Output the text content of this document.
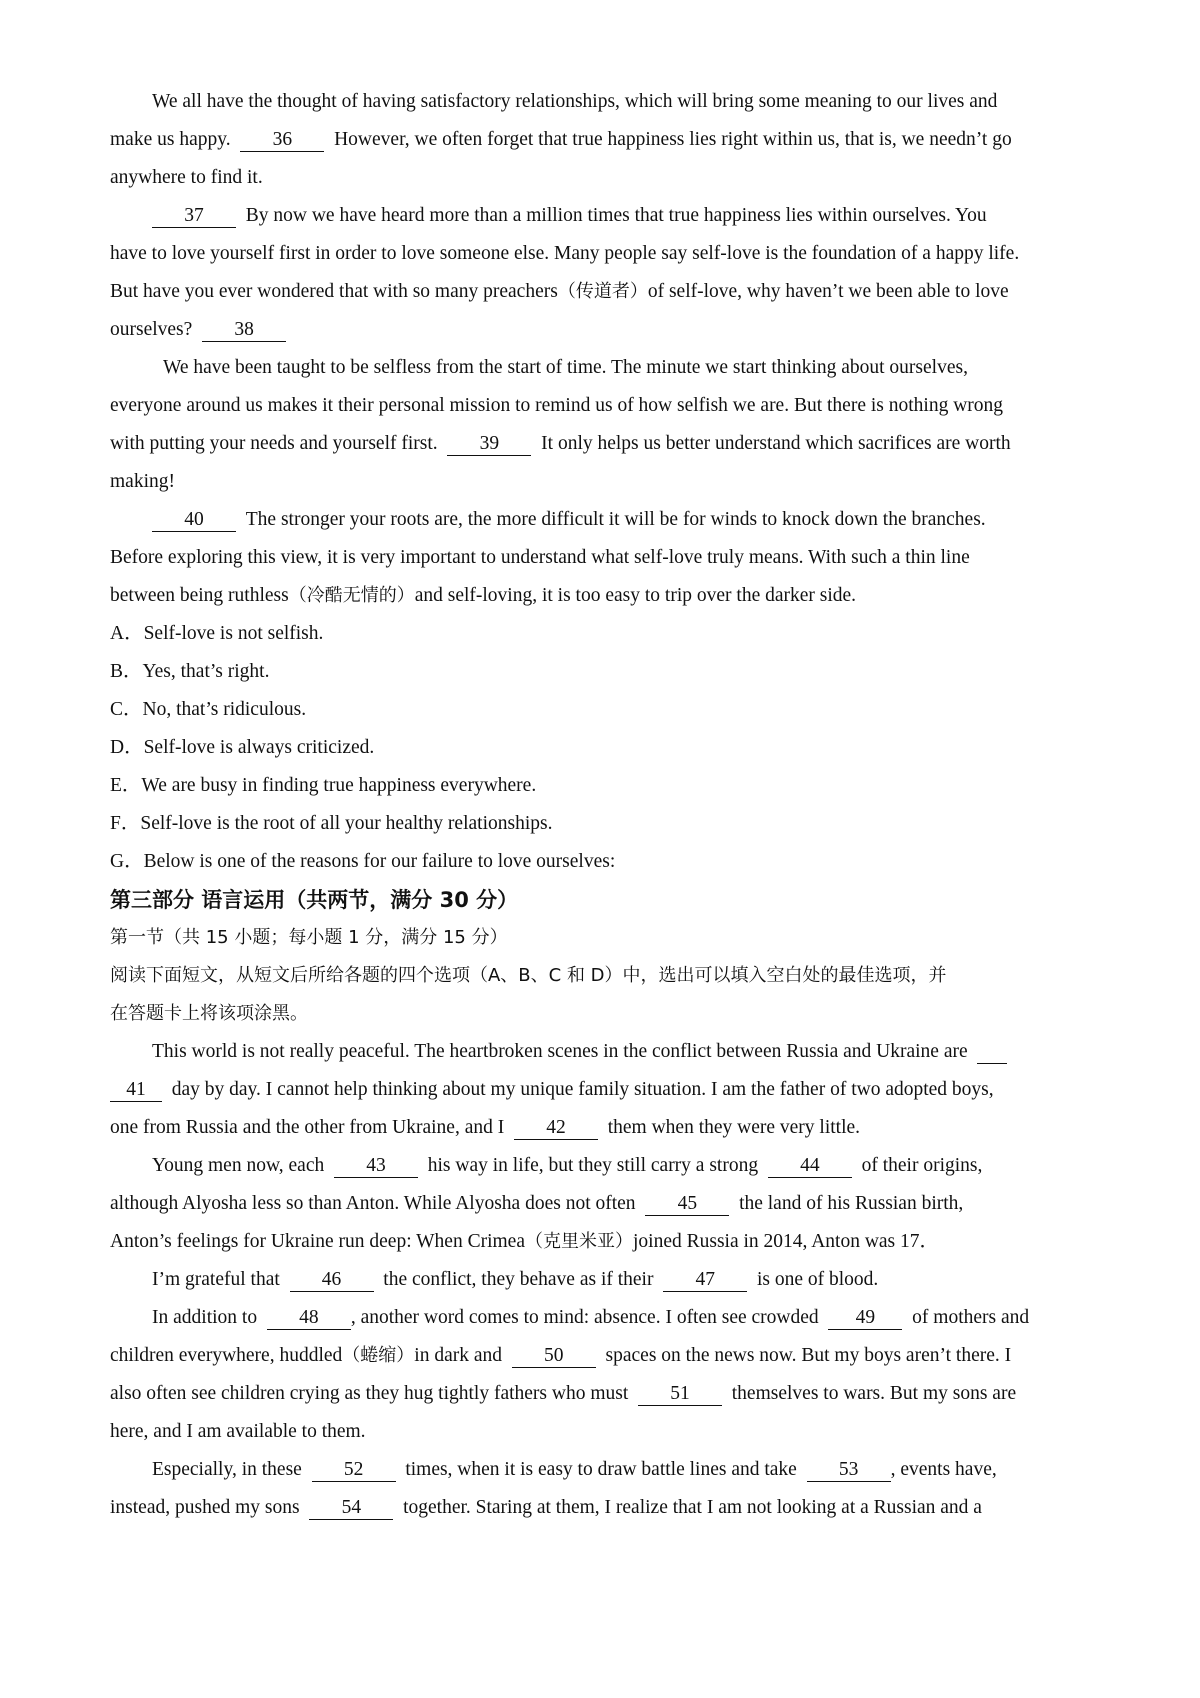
We all have the thought of having satisfactory relationships, which will bring some meaning to our lives and

make us happy. 36 However, we often forget that true happiness lies right within us, that is, we needn’t go

anywhere to find it.

37 By now we have heard more than a million times that true happiness lies within ourselves. You

have to love yourself first in order to love someone else. Many people say self-love is the foundation of a happy life.

But have you ever wondered that with so many preachers（传道者）of self-love, why haven’t we been able to love

ourselves? 38

We have been taught to be selfless from the start of time. The minute we start thinking about ourselves,

everyone around us makes it their personal mission to remind us of how selfish we are. But there is nothing wrong

with putting your needs and yourself first. 39 It only helps us better understand which sacrifices are worth

making!

40 The stronger your roots are, the more difficult it will be for winds to knock down the branches.

Before exploring this view, it is very important to understand what self-love truly means. With such a thin line

between being ruthless（冷酷无情的）and self-loving, it is too easy to trip over the darker side.

A．Self-love is not selfish.

B．Yes, that’s right.

C．No, that’s ridiculous.

D．Self-love is always criticized.

E．We are busy in finding true happiness everywhere.

F．Self-love is the root of all your healthy relationships.

G．Below is one of the reasons for our failure to love ourselves:

第三部分 语言运用（共两节，满分 30 分）

第一节（共 15 小题；每小题 1 分，满分 15 分）

阅读下面短文，从短文后所给各题的四个选项（A、B、C 和 D）中，选出可以填入空白处的最佳选项，并

在答题卡上将该项涂黑。

This world is not really peaceful. The heartbroken scenes in the conflict between Russia and Ukraine are

41 day by day. I cannot help thinking about my unique family situation. I am the father of two adopted boys,

one from Russia and the other from Ukraine, and I 42 them when they were very little.

Young men now, each 43 his way in life, but they still carry a strong 44 of their origins,

although Alyosha less so than Anton. While Alyosha does not often 45 the land of his Russian birth,

Anton’s feelings for Ukraine run deep: When Crimea（克里米亚）joined Russia in 2014, Anton was 17．

I’m grateful that 46 the conflict, they behave as if their 47 is one of blood.

In addition to 48 , another word comes to mind: absence. I often see crowded 49 of mothers and

children everywhere, huddled（蜷缩）in dark and 50 spaces on the news now. But my boys aren’t there. I

also often see children crying as they hug tightly fathers who must 51 themselves to wars. But my sons are

here, and I am available to them.

Especially, in these 52 times, when it is easy to draw battle lines and take 53 , events have,

instead, pushed my sons 54 together. Staring at them, I realize that I am not looking at a Russian and a
